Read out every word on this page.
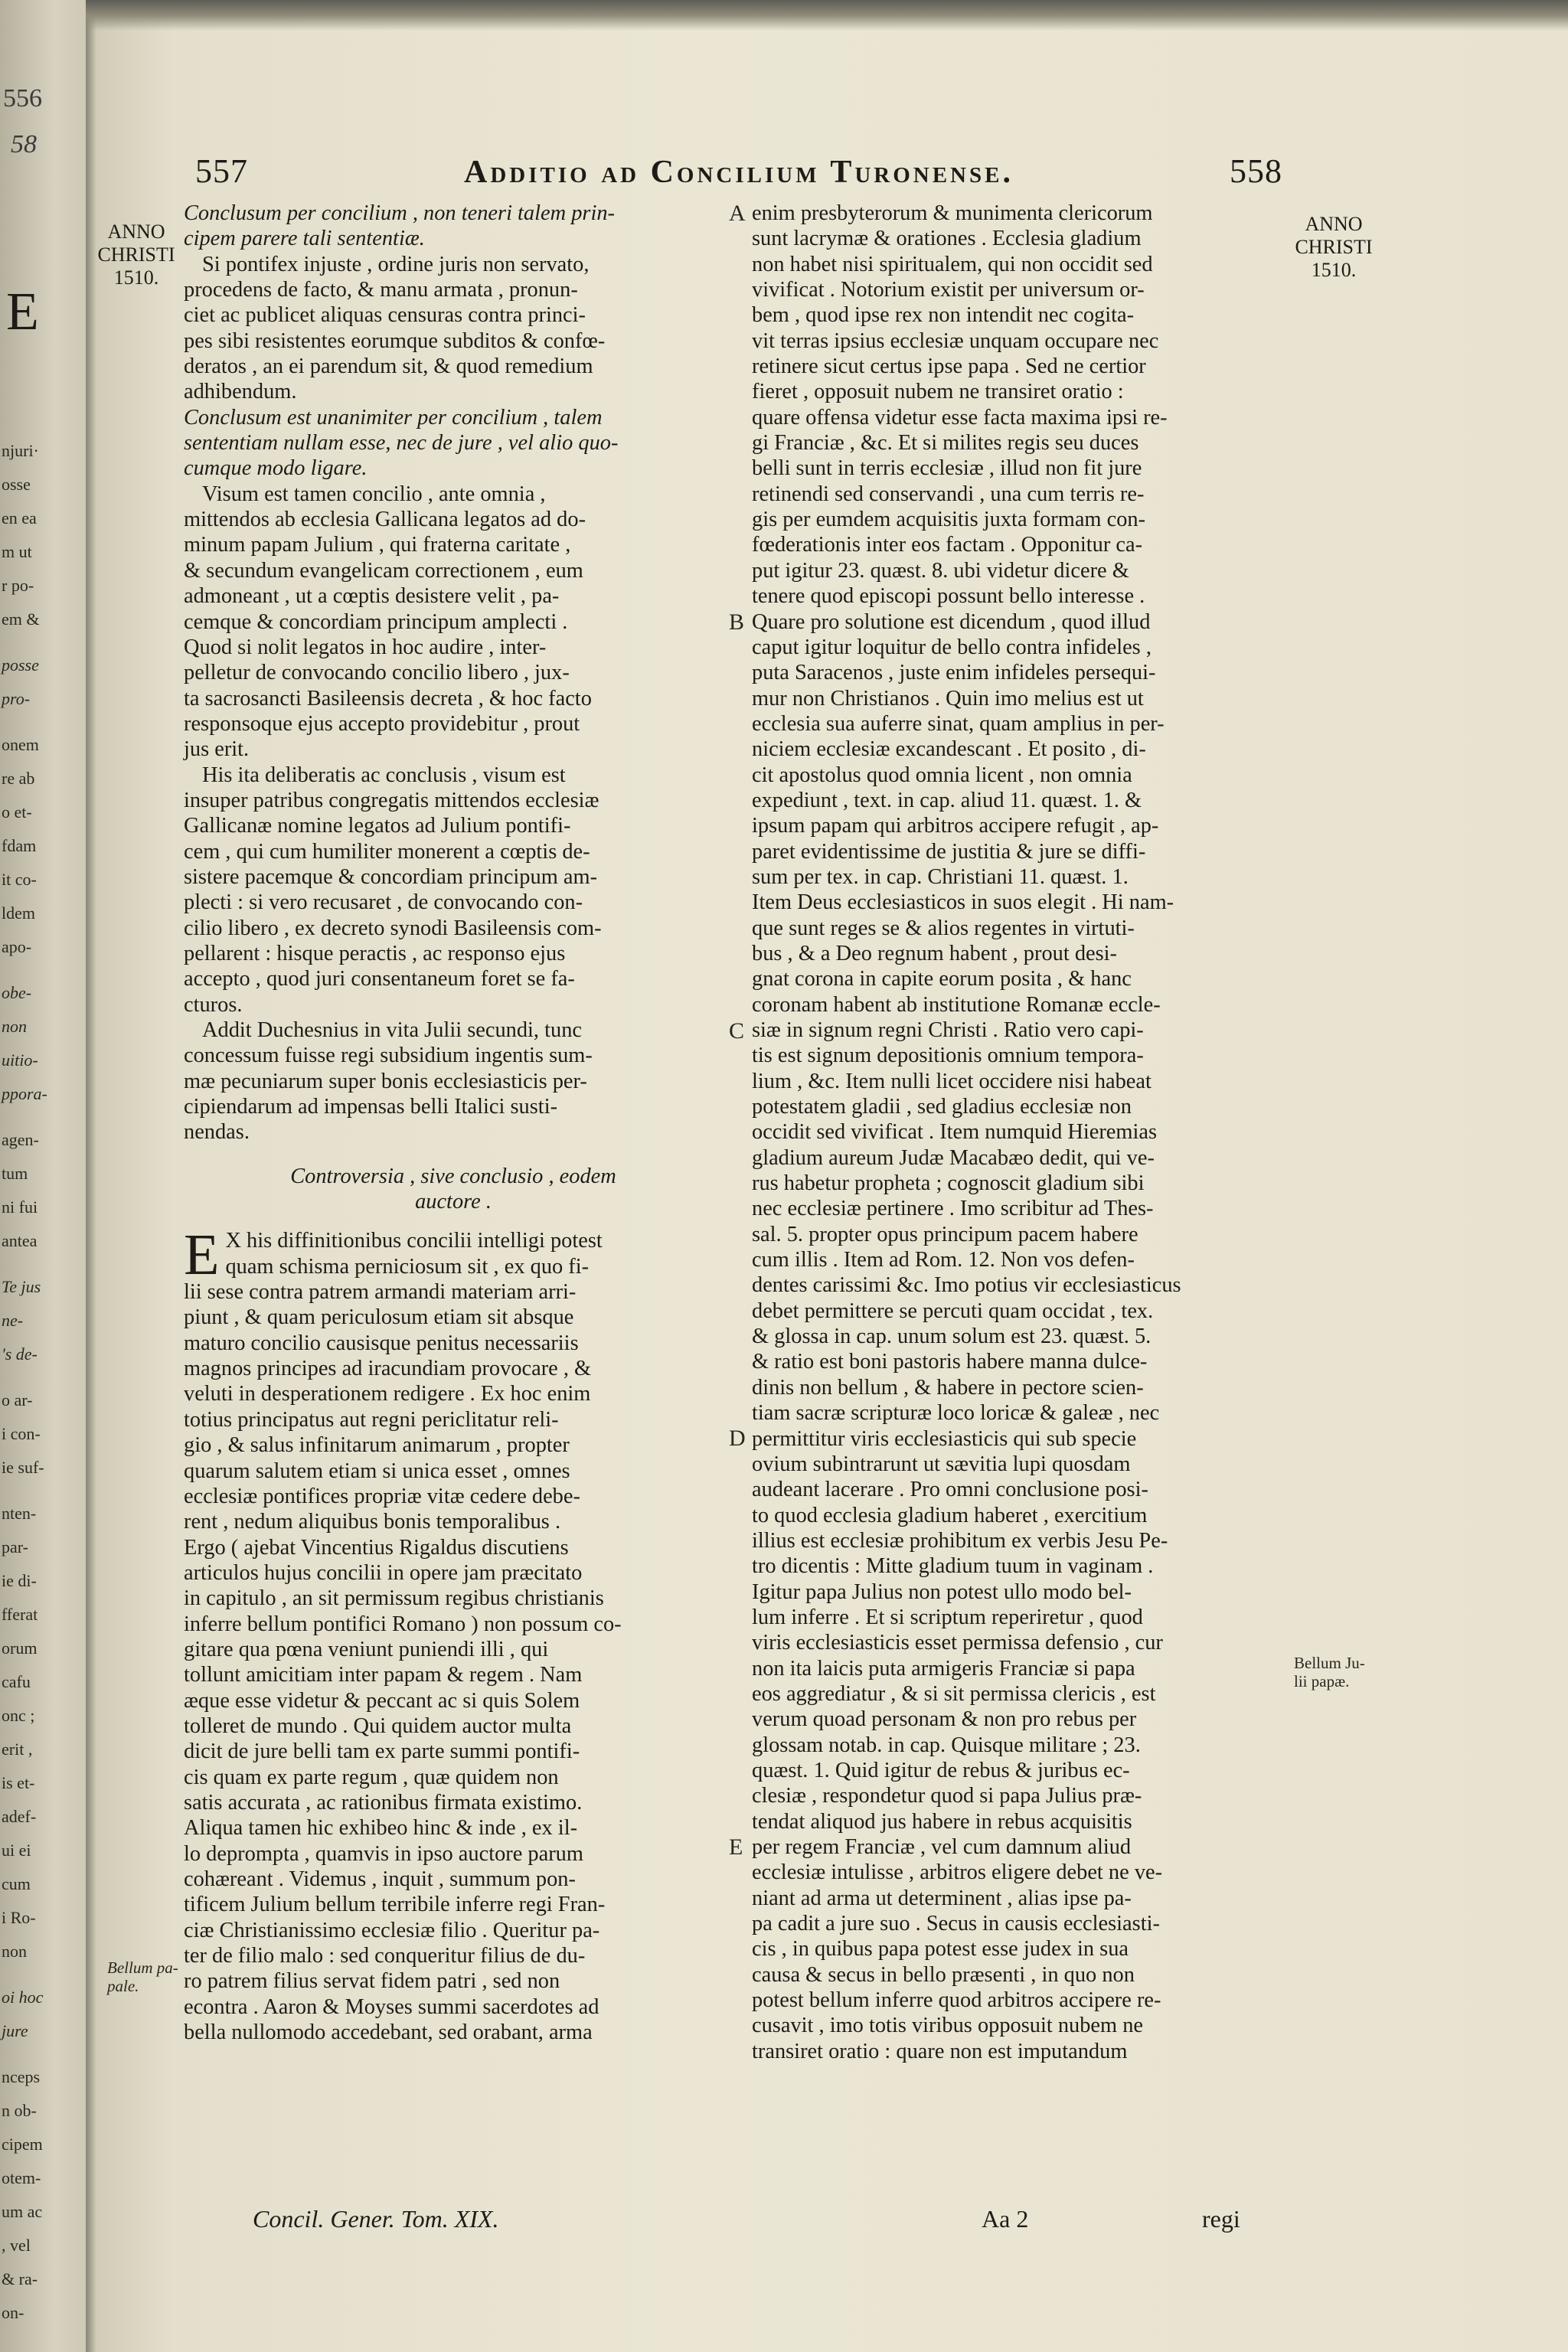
556
58
E
njuri·
osse
en ea
m ut
r po-
em &
posse
pro-
onem
re ab
o et-
fdam
it co-
ldem
apo-
obe-
non
uitio-
ppora-
agen-
tum
ni fui
antea
Te jus
ne-
's de-
o ar-
i con-
ie suf-
nten-
par-
ie di-
fferat
orum
cafu
onc ;
erit ,
is et-
adef-
ui ei
cum
i Ro-
non
oi hoc
jure
nceps
n ob-
cipem
otem-
um ac
, vel
& ra-
on-
557	Additio ad Concilium Turonense.	558
ANNO
CHRISTI
1510.
ANNO
CHRISTI
1510.
A
B
C
D
E
Bellum pa-
pale.
Bellum Ju-
lii papæ.

Conclusum per concilium , non teneri talem prin-
cipem parere tali sententiæ.

Si pontifex injuste , ordine juris non servato,
procedens de facto, & manu armata , pronun-
ciet ac publicet aliquas censuras contra princi-
pes sibi resistentes eorumque subditos & confœ-
deratos , an ei parendum sit, & quod remedium
adhibendum.

Conclusum est unanimiter per concilium , talem
sententiam nullam esse, nec de jure , vel alio quo-
cumque modo ligare.

Visum est tamen concilio , ante omnia ,
mittendos ab ecclesia Gallicana legatos ad do-
minum papam Julium , qui fraterna caritate ,
& secundum evangelicam correctionem , eum
admoneant , ut a cœptis desistere velit , pa-
cemque & concordiam principum amplecti .
Quod si nolit legatos in hoc audire , inter-
pelletur de convocando concilio libero , jux-
ta sacrosancti Basileensis decreta , & hoc facto
responsoque ejus accepto providebitur , prout
jus erit.

His ita deliberatis ac conclusis , visum est
insuper patribus congregatis mittendos ecclesiæ
Gallicanæ nomine legatos ad Julium pontifi-
cem , qui cum humiliter monerent a cœptis de-
sistere pacemque & concordiam principum am-
plecti : si vero recusaret , de convocando con-
cilio libero , ex decreto synodi Basileensis com-
pellarent : hisque peractis , ac responso ejus
accepto , quod juri consentaneum foret se fa-
cturos.

Addit Duchesnius in vita Julii secundi, tunc
concessum fuisse regi subsidium ingentis sum-
mæ pecuniarum super bonis ecclesiasticis per-
cipiendarum ad impensas belli Italici susti-
nendas.

Controversia , sive conclusio , eodem
auctore .

E X his diffinitionibus concilii intelligi potest
quam schisma perniciosum sit , ex quo fi-
lii sese contra patrem armandi materiam arri-
piunt , & quam periculosum etiam sit absque
maturo concilio causisque penitus necessariis
magnos principes ad iracundiam provocare , &
veluti in desperationem redigere . Ex hoc enim
totius principatus aut regni periclitatur reli-
gio , & salus infinitarum animarum , propter
quarum salutem etiam si unica esset , omnes
ecclesiæ pontifices propriæ vitæ cedere debe-
rent , nedum aliquibus bonis temporalibus .
Ergo ( ajebat Vincentius Rigaldus discutiens
articulos hujus concilii in opere jam præcitato
in capitulo , an sit permissum regibus christianis
inferre bellum pontifici Romano ) non possum co-
gitare qua pœna veniunt puniendi illi , qui
tollunt amicitiam inter papam & regem . Nam
æque esse videtur & peccant ac si quis Solem
tolleret de mundo . Qui quidem auctor multa
dicit de jure belli tam ex parte summi pontifi-
cis quam ex parte regum , quæ quidem non
satis accurata , ac rationibus firmata existimo.
Aliqua tamen hic exhibeo hinc & inde , ex il-
lo deprompta , quamvis in ipso auctore parum
cohæreant . Videmus , inquit , summum pon-
tificem Julium bellum terribile inferre regi Fran-
ciæ Christianissimo ecclesiæ filio . Queritur pa-
ter de filio malo : sed conqueritur filius de du-
ro patrem filius servat fidem patri , sed non
econtra . Aaron & Moyses summi sacerdotes ad
bella nullomodo accedebant, sed orabant, arma

enim presbyterorum & munimenta clericorum
sunt lacrymæ & orationes . Ecclesia gladium
non habet nisi spiritualem, qui non occidit sed
vivificat . Notorium existit per universum or-
bem , quod ipse rex non intendit nec cogita-
vit terras ipsius ecclesiæ unquam occupare nec
retinere sicut certus ipse papa . Sed ne certior
fieret , opposuit nubem ne transiret oratio :
quare offensa videtur esse facta maxima ipsi re-
gi Franciæ , &c. Et si milites regis seu duces
belli sunt in terris ecclesiæ , illud non fit jure
retinendi sed conservandi , una cum terris re-
gis per eumdem acquisitis juxta formam con-
fœderationis inter eos factam . Opponitur ca-
put igitur 23. quæst. 8. ubi videtur dicere &
tenere quod episcopi possunt bello interesse .
Quare pro solutione est dicendum , quod illud
caput igitur loquitur de bello contra infideles ,
puta Saracenos , juste enim infideles persequi-
mur non Christianos . Quin imo melius est ut
ecclesia sua auferre sinat, quam amplius in per-
niciem ecclesiæ excandescant . Et posito , di-
cit apostolus quod omnia licent , non omnia
expediunt , text. in cap. aliud 11. quæst. 1. &
ipsum papam qui arbitros accipere refugit , ap-
paret evidentissime de justitia & jure se diffi-
sum per tex. in cap. Christiani 11. quæst. 1.
Item Deus ecclesiasticos in suos elegit . Hi nam-
que sunt reges se & alios regentes in virtuti-
bus , & a Deo regnum habent , prout desi-
gnat corona in capite eorum posita , & hanc
coronam habent ab institutione Romanæ eccle-
siæ in signum regni Christi . Ratio vero capi-
tis est signum depositionis omnium tempora-
lium , &c. Item nulli licet occidere nisi habeat
potestatem gladii , sed gladius ecclesiæ non
occidit sed vivificat . Item numquid Hieremias
gladium aureum Judæ Macabæo dedit, qui ve-
rus habetur propheta ; cognoscit gladium sibi
nec ecclesiæ pertinere . Imo scribitur ad Thes-
sal. 5. propter opus principum pacem habere
cum illis . Item ad Rom. 12. Non vos defen-
dentes carissimi &c. Imo potius vir ecclesiasticus
debet permittere se percuti quam occidat , tex.
& glossa in cap. unum solum est 23. quæst. 5.
& ratio est boni pastoris habere manna dulce-
dinis non bellum , & habere in pectore scien-
tiam sacræ scripturæ loco loricæ & galeæ , nec
permittitur viris ecclesiasticis qui sub specie
ovium subintrarunt ut sævitia lupi quosdam
audeant lacerare . Pro omni conclusione posi-
to quod ecclesia gladium haberet , exercitium
illius est ecclesiæ prohibitum ex verbis Jesu Pe-
tro dicentis : Mitte gladium tuum in vaginam .
Igitur papa Julius non potest ullo modo bel-
lum inferre . Et si scriptum reperiretur , quod
viris ecclesiasticis esset permissa defensio , cur
non ita laicis puta armigeris Franciæ si papa
eos aggrediatur , & si sit permissa clericis , est
verum quoad personam & non pro rebus per
glossam notab. in cap. Quisque militare ; 23.
quæst. 1. Quid igitur de rebus & juribus ec-
clesiæ , respondetur quod si papa Julius præ-
tendat aliquod jus habere in rebus acquisitis
per regem Franciæ , vel cum damnum aliud
ecclesiæ intulisse , arbitros eligere debet ne ve-
niant ad arma ut determinent , alias ipse pa-
pa cadit a jure suo . Secus in causis ecclesiasti-
cis , in quibus papa potest esse judex in sua
causa & secus in bello præsenti , in quo non
potest bellum inferre quod arbitros accipere re-
cusavit , imo totis viribus opposuit nubem ne
transiret oratio : quare non est imputandum

Concil. Gener. Tom. XIX.	Aa 2	regi
